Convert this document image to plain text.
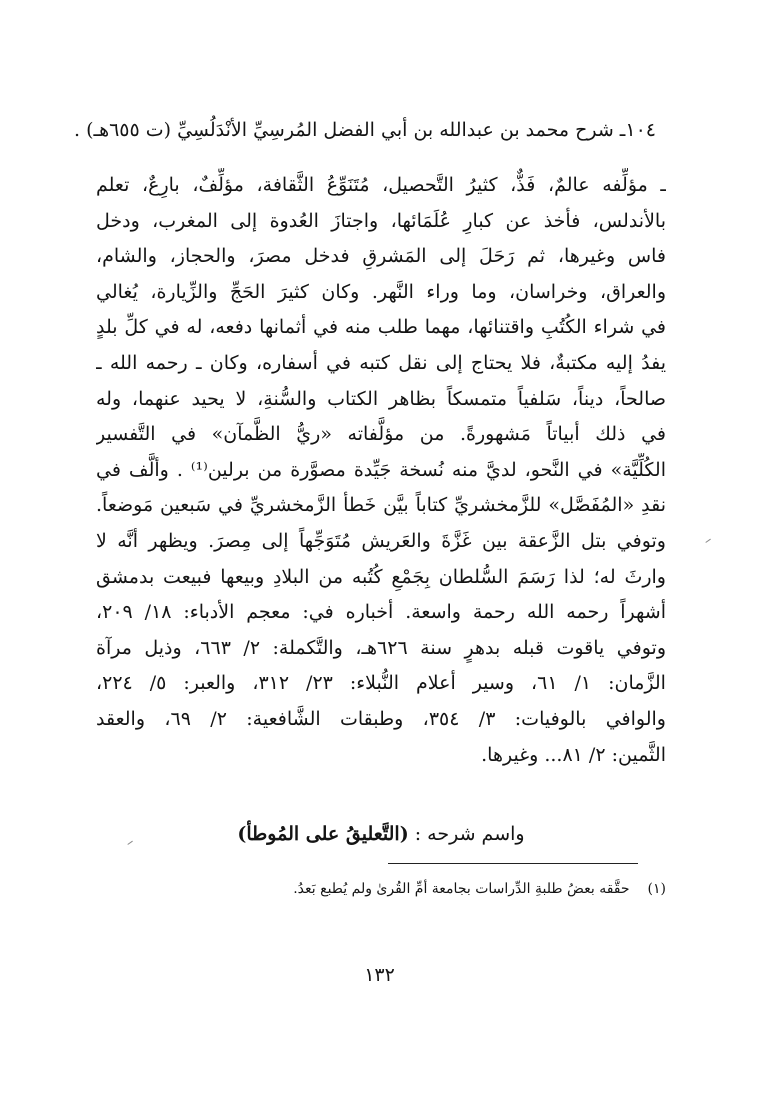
١٠٤ـ شرح محمد بن عبدالله بن أبي الفضل المُرسِيِّ الأنْدَلُسِيِّ (ت ٦٥٥هـ) .
ـ مؤلِّفه عالمٌ، فَذٌّ، كثيرُ التَّحصيل، مُتَنَوِّعُ الثَّقافة، مؤلِّفٌ، بارِعٌ، تعلم
بالأندلس، فأخذ عن كبارِ عُلَمَائها، واجتازَ العُدوة إلى المغرب، ودخل
فاس وغيرها، ثم رَحَلَ إلى المَشرقِ فدخل مصرَ، والحجاز، والشام،
والعراق، وخراسان، وما وراء النَّهر. وكان كثيرَ الحَجِّ والزِّيارة، يُغالي
في شراء الكُتُبِ واقتنائها، مهما طلب منه في أثمانها دفعه، له في كلِّ بلدٍ
يفدُ إليه مكتبةٌ، فلا يحتاج إلى نقل كتبه في أسفاره، وكان ـ رحمه الله ـ
صالحاً، ديناً، سَلفياً متمسكاً بظاهر الكتاب والسُّنةِ، لا يحيد عنهما، وله
في ذلك أبياتاً مَشهورةً. من مؤلَّفاته «ريُّ الظَّمآن» في التَّفسير
الكُلِّيَّة» في النَّحو، لديَّ منه نُسخة جَيِّدة مصوَّرة من برلين⁽¹⁾ . وألَّف في
نقدِ «المُفَصَّل» للزَّمخشريِّ كتاباً بيَّن خَطأ الزَّمخشريِّ في سَبعين مَوضعاً.
وتوفي بتل الزَّعقة بين غَزَّةَ والعَريش مُتَوَجِّهاً إلى مِصرَ. ويظهر أنَّه لا
وارثَ له؛ لذا رَسَمَ السُّلطان بِجَمْعِ كُتُبه من البلادِ وبيعها فبيعت بدمشق
أشهراً رحمه الله رحمة واسعة. أخباره في: معجم الأدباء: ١٨/ ٢٠٩،
وتوفي ياقوت قبله بدهرٍ سنة ٦٢٦هـ، والتَّكملة: ٢/ ٦٦٣، وذيل مرآة
الزَّمان: ١/ ٦١، وسير أعلام النُّبلاء: ٢٣/ ٣١٢، والعبر: ٥/ ٢٢٤،
والوافي بالوفيات: ٣/ ٣٥٤، وطبقات الشَّافعية: ٢/ ٦٩، والعقد
الثَّمين: ٢/ ٨١... وغيرها.
واسم شرحه : (التَّعليقُ على المُوطأ)
(١)حقَّقه بعضُ طلبةِ الدِّراسات بجامعة أمِّ القُرىٰ ولم يُطبع بَعدُ.
١٣٢
